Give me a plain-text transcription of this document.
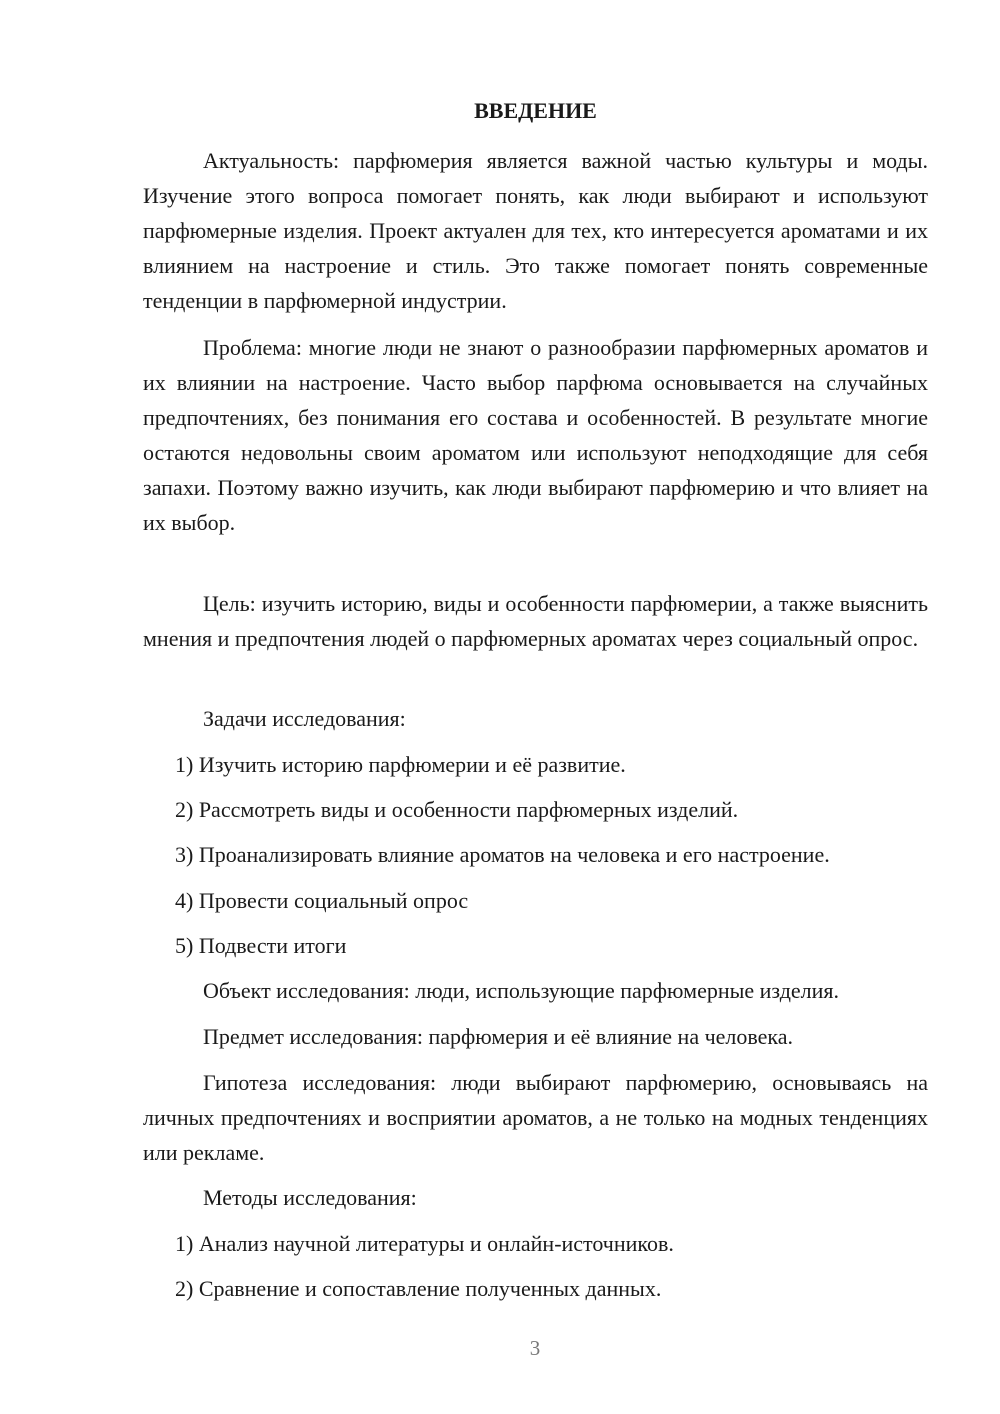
ВВЕДЕНИЕ

Актуальность: парфюмерия является важной частью культуры и моды. Изучение этого вопроса помогает понять, как люди выбирают и используют парфюмерные изделия. Проект актуален для тех, кто интересуется ароматами и их влиянием на настроение и стиль. Это также помогает понять современные тенденции в парфюмерной индустрии.

Проблема: многие люди не знают о разнообразии парфюмерных ароматов и их влиянии на настроение. Часто выбор парфюма основывается на случайных предпочтениях, без понимания его состава и особенностей. В результате многие остаются недовольны своим ароматом или используют неподходящие для себя запахи. Поэтому важно изучить, как люди выбирают парфюмерию и что влияет на их выбор.

Цель: изучить историю, виды и особенности парфюмерии, а также выяснить мнения и предпочтения людей о парфюмерных ароматах через социальный опрос.

Задачи исследования:
1) Изучить историю парфюмерии и её развитие.
2) Рассмотреть виды и особенности парфюмерных изделий.
3) Проанализировать влияние ароматов на человека и его настроение.
4) Провести социальный опрос
5) Подвести итоги
Объект исследования: люди, использующие парфюмерные изделия.
Предмет исследования: парфюмерия и её влияние на человека.

Гипотеза исследования: люди выбирают парфюмерию, основываясь на личных предпочтениях и восприятии ароматов, а не только на модных тенденциях или рекламе.

Методы исследования:
1) Анализ научной литературы и онлайн-источников.
2) Сравнение и сопоставление полученных данных.
3
